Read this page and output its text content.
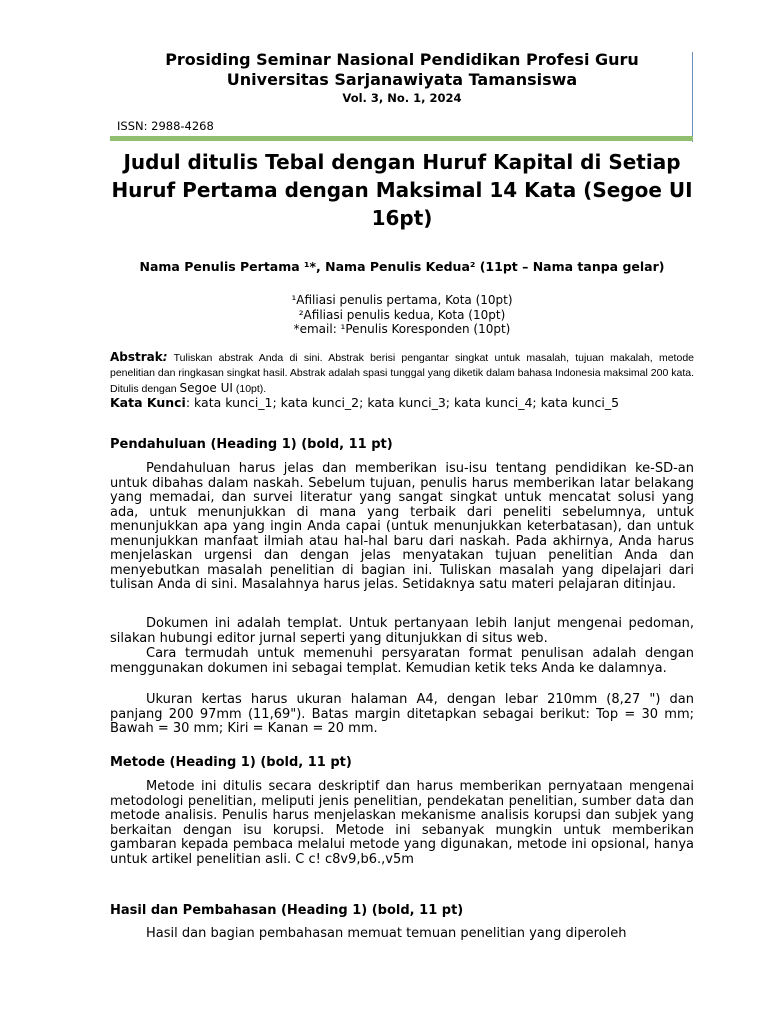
Prosiding Seminar Nasional Pendidikan Profesi Guru
Universitas Sarjanawiyata Tamansiswa
Vol. 3, No. 1, 2024
ISSN: 2988-4268
Judul ditulis Tebal dengan Huruf Kapital di Setiap Huruf Pertama dengan Maksimal 14 Kata (Segoe UI 16pt)
Nama Penulis Pertama ¹*, Nama Penulis Kedua² (11pt – Nama tanpa gelar)
¹Afiliasi penulis pertama, Kota (10pt)
²Afiliasi penulis kedua, Kota (10pt)
*email: ¹Penulis Koresponden (10pt)
Abstrak: Tuliskan abstrak Anda di sini. Abstrak berisi pengantar singkat untuk masalah, tujuan makalah, metode penelitian dan ringkasan singkat hasil. Abstrak adalah spasi tunggal yang diketik dalam bahasa Indonesia maksimal 200 kata. Ditulis dengan Segoe UI (10pt).
Kata Kunci: kata kunci_1; kata kunci_2; kata kunci_3; kata kunci_4; kata kunci_5
Pendahuluan (Heading 1) (bold, 11 pt)
Pendahuluan harus jelas dan memberikan isu-isu tentang pendidikan ke-SD-an untuk dibahas dalam naskah. Sebelum tujuan, penulis harus memberikan latar belakang yang memadai, dan survei literatur yang sangat singkat untuk mencatat solusi yang ada, untuk menunjukkan di mana yang terbaik dari peneliti sebelumnya, untuk menunjukkan apa yang ingin Anda capai (untuk menunjukkan keterbatasan), dan untuk menunjukkan manfaat ilmiah atau hal-hal baru dari naskah. Pada akhirnya, Anda harus menjelaskan urgensi dan dengan jelas menyatakan tujuan penelitian Anda dan menyebutkan masalah penelitian di bagian ini. Tuliskan masalah yang dipelajari dari tulisan Anda di sini. Masalahnya harus jelas. Setidaknya satu materi pelajaran ditinjau.
Dokumen ini adalah templat. Untuk pertanyaan lebih lanjut mengenai pedoman, silakan hubungi editor jurnal seperti yang ditunjukkan di situs web.
Cara termudah untuk memenuhi persyaratan format penulisan adalah dengan menggunakan dokumen ini sebagai templat. Kemudian ketik teks Anda ke dalamnya.
Ukuran kertas harus ukuran halaman A4, dengan lebar 210mm (8,27 ") dan panjang 200 97mm (11,69"). Batas margin ditetapkan sebagai berikut: Top = 30 mm; Bawah = 30 mm; Kiri = Kanan = 20 mm.
Metode (Heading 1) (bold, 11 pt)
Metode ini ditulis secara deskriptif dan harus memberikan pernyataan mengenai metodologi penelitian, meliputi jenis penelitian, pendekatan penelitian, sumber data dan metode analisis. Penulis harus menjelaskan mekanisme analisis korupsi dan subjek yang berkaitan dengan isu korupsi. Metode ini sebanyak mungkin untuk memberikan gambaran kepada pembaca melalui metode yang digunakan, metode ini opsional, hanya untuk artikel penelitian asli. C c! c8v9,b6.,v5m
Hasil dan Pembahasan (Heading 1) (bold, 11 pt)
Hasil dan bagian pembahasan memuat temuan penelitian yang diperoleh
